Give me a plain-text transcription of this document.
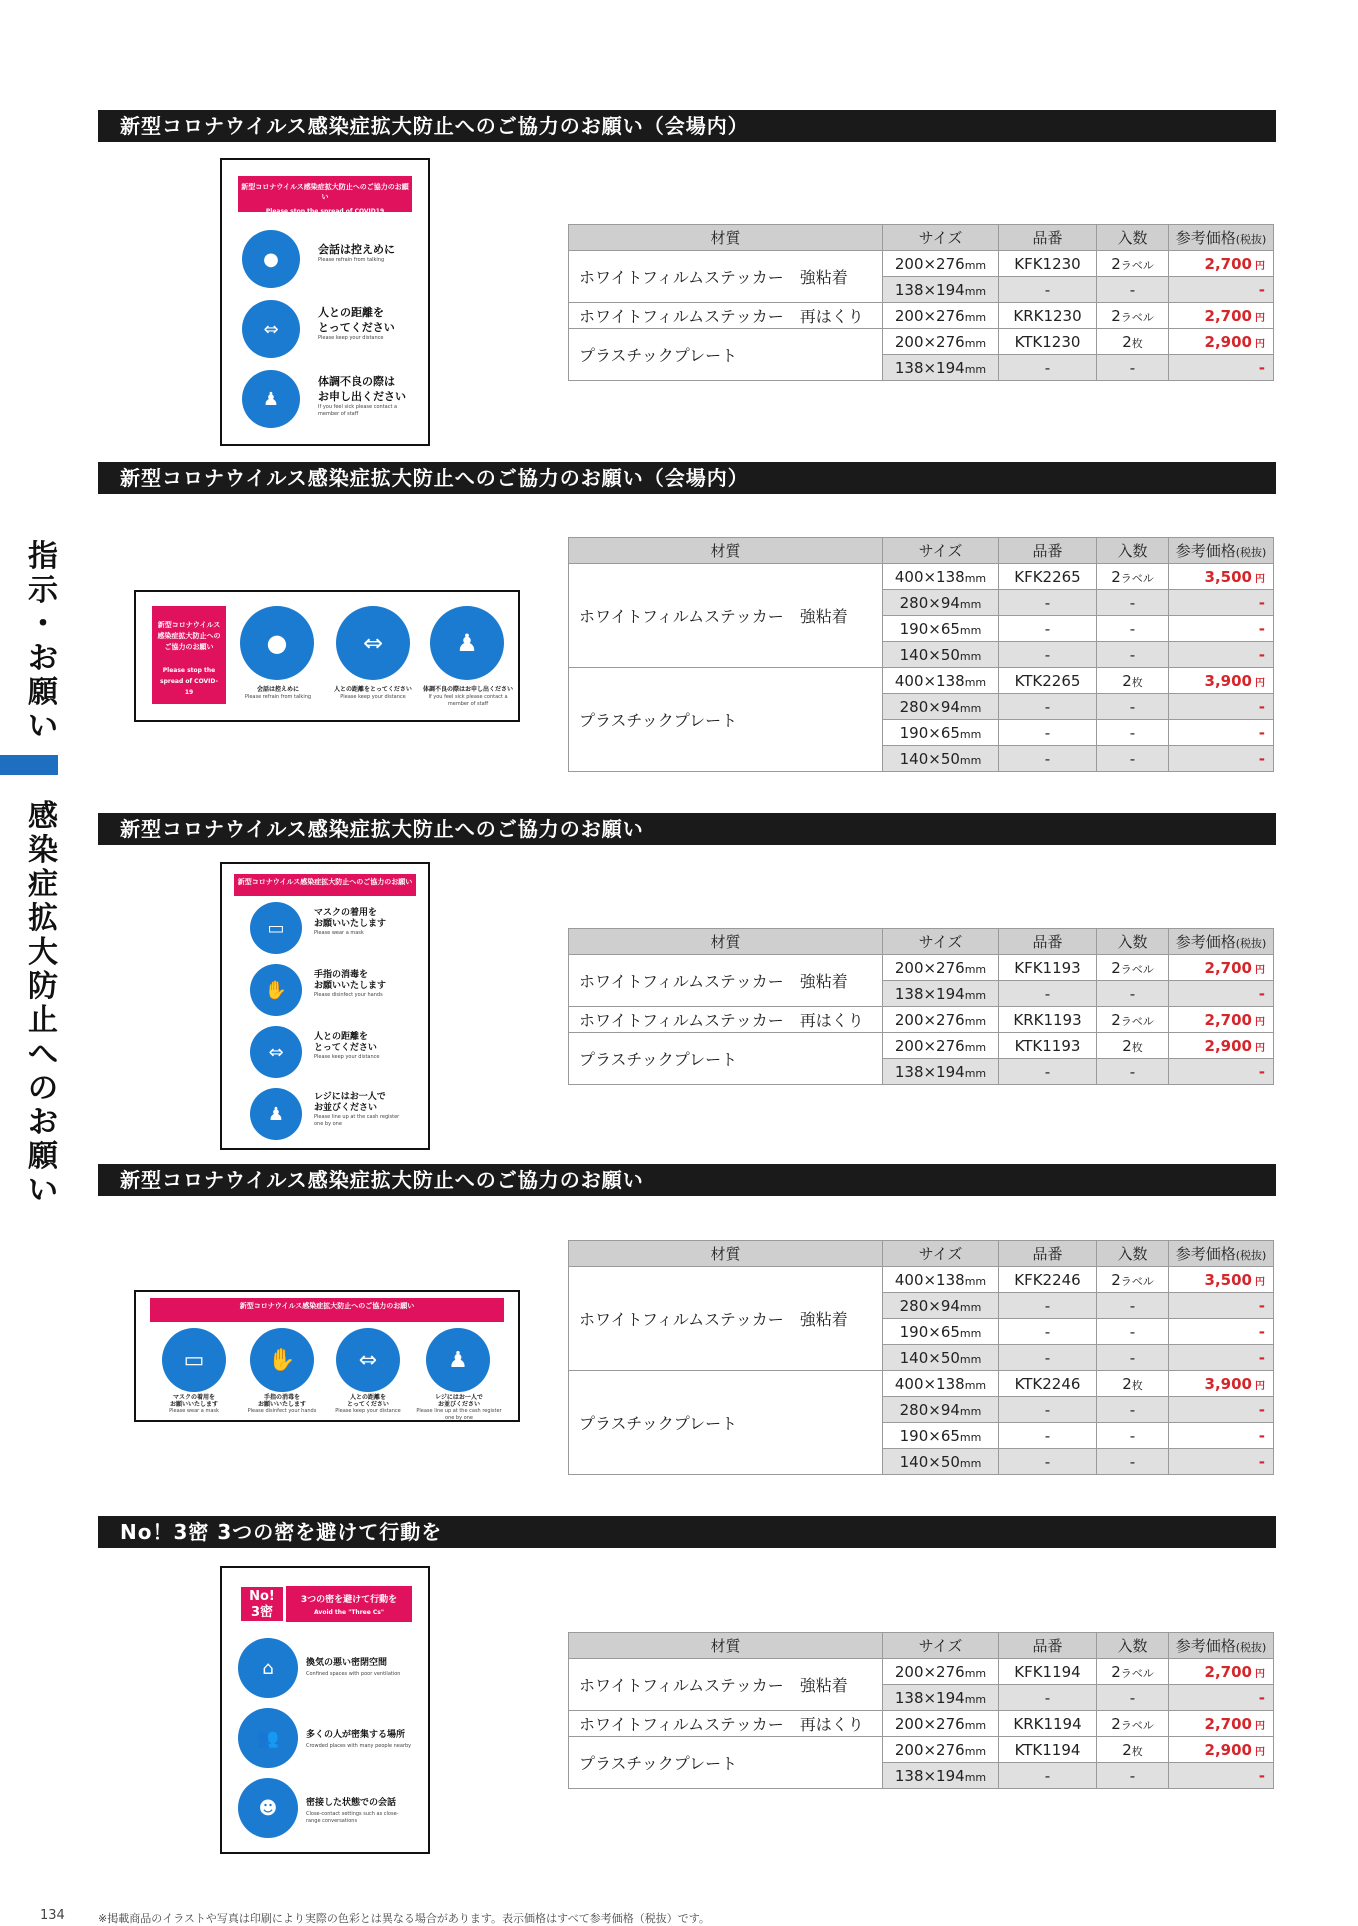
指
示
・
お
願
い
感
染
症
拡
大
防
止
へ
の
お
願
い
新型コロナウイルス感染症拡大防止へのご協力のお願い（会場内）
新型コロナウイルス感染症拡大防止へのご協力のお願い（会場内）
新型コロナウイルス感染症拡大防止へのご協力のお願い
新型コロナウイルス感染症拡大防止へのご協力のお願い
No！3密 3つの密を避けて行動を
新型コロナウイルス感染症拡大防止へのご協力のお願い
Please stop the spread of COVID19
●	会話は控えめに
Please refrain from talking
⇔
人との距離を
とってください
Please keep your distance
♟
体調不良の際は
お申し出ください
If you feel sick please contact a member of staff
新型コロナウイルス感染症拡大防止へのご協力のお願い
Please stop the spread of COVID-19
●	⇔	♟
会話は控えめに
Please refrain from talking
人との距離をとってください
Please keep your distance
体調不良の際はお申し出ください
If you feel sick please contact a member of staff
新型コロナウイルス感染症拡大防止へのご協力のお願い
▭
マスクの着用を
お願いいたします
Please wear a mask
✋
手指の消毒を
お願いいたします
Please disinfect your hands
⇔
人との距離を
とってください
Please keep your distance
♟
レジにはお一人で
お並びください
Please line up at the cash register one by one
新型コロナウイルス感染症拡大防止へのご協力のお願い
▭	✋	⇔	♟
マスクの着用を
お願いいたします
Please wear a mask
手指の消毒を
お願いいたします
Please disinfect your hands
人との距離を
とってください
Please keep your distance
レジにはお一人で
お並びください
Please line up at the cash register one by one
No!
3密
3つの密を避けて行動を
Avoid the "Three Cs"
⌂	換気の悪い密閉空間
Confined spaces with poor ventilation
👥	多くの人が密集する場所
Crowded places with many people nearby
☻	密接した状態での会話
Close-contact settings such as close-range conversations
材質	サイズ	品番	入数	参考価格(税抜)
ホワイトフィルムステッカー　強粘着	200×276mm	KFK1230	2ラベル	2,700 円
	138×194mm	-	-	-
ホワイトフィルムステッカー　再はくり	200×276mm	KRK1230	2ラベル	2,700 円
プラスチックプレート	200×276mm	KTK1230	2枚	2,900 円
	138×194mm	-	-	-
材質	サイズ	品番	入数	参考価格(税抜)
ホワイトフィルムステッカー　強粘着	400×138mm	KFK2265	2ラベル	3,500 円
	280×94mm	-	-	-
	190×65mm	-	-	-
	140×50mm	-	-	-
プラスチックプレート	400×138mm	KTK2265	2枚	3,900 円
	280×94mm	-	-	-
	190×65mm	-	-	-
	140×50mm	-	-	-
材質	サイズ	品番	入数	参考価格(税抜)
ホワイトフィルムステッカー　強粘着	200×276mm	KFK1193	2ラベル	2,700 円
	138×194mm	-	-	-
ホワイトフィルムステッカー　再はくり	200×276mm	KRK1193	2ラベル	2,700 円
プラスチックプレート	200×276mm	KTK1193	2枚	2,900 円
	138×194mm	-	-	-
材質	サイズ	品番	入数	参考価格(税抜)
ホワイトフィルムステッカー　強粘着	400×138mm	KFK2246	2ラベル	3,500 円
	280×94mm	-	-	-
	190×65mm	-	-	-
	140×50mm	-	-	-
プラスチックプレート	400×138mm	KTK2246	2枚	3,900 円
	280×94mm	-	-	-
	190×65mm	-	-	-
	140×50mm	-	-	-
材質	サイズ	品番	入数	参考価格(税抜)
ホワイトフィルムステッカー　強粘着	200×276mm	KFK1194	2ラベル	2,700 円
	138×194mm	-	-	-
ホワイトフィルムステッカー　再はくり	200×276mm	KRK1194	2ラベル	2,700 円
プラスチックプレート	200×276mm	KTK1194	2枚	2,900 円
	138×194mm	-	-	-
134	※掲載商品のイラストや写真は印刷により実際の色彩とは異なる場合があります。表示価格はすべて参考価格（税抜）です。
